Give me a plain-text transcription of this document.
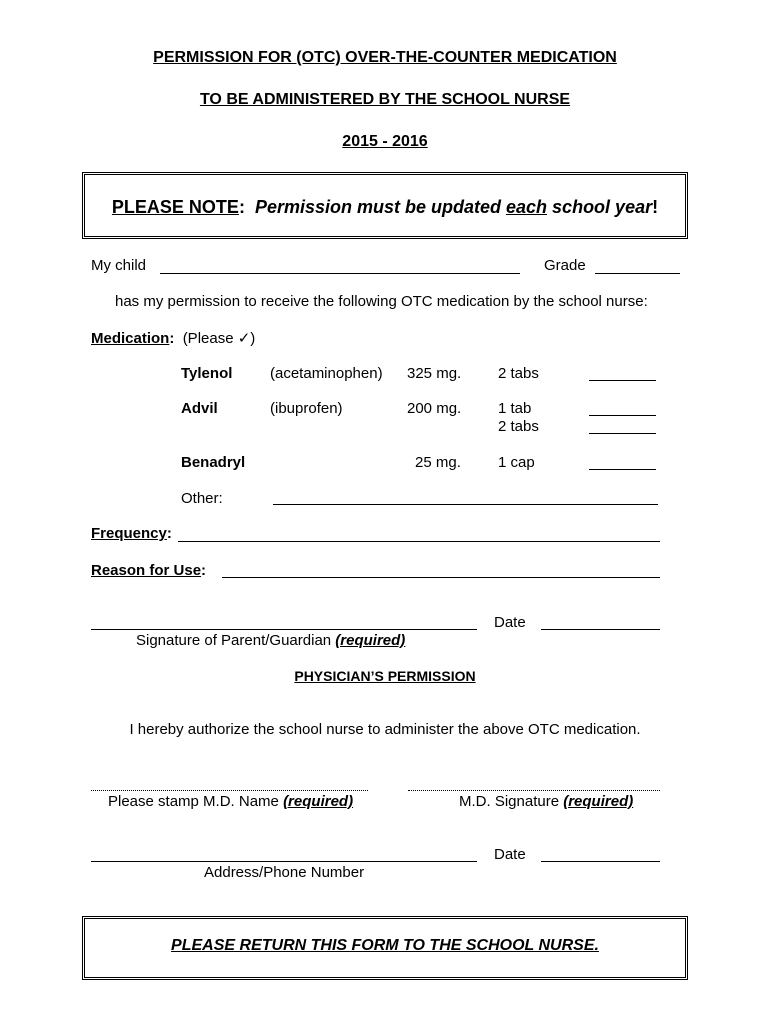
PERMISSION FOR (OTC) OVER-THE-COUNTER MEDICATION
TO BE ADMINISTERED BY THE SCHOOL NURSE
2015 - 2016
PLEASE NOTE: Permission must be updated each school year!
My child	Grade
has my permission to receive the following OTC medication by the school nurse:
Medication: (Please ✓)
Tylenol	(acetaminophen) 325 mg. 2 tabs
Advil	(ibuprofen)	200 mg. 1 tab
2 tabs
Benadryl	25 mg. 1 cap
Other:
Frequency:
Reason for Use:
Date
Signature of Parent/Guardian (required)
PHYSICIAN’S PERMISSION
I hereby authorize the school nurse to administer the above OTC medication.
Please stamp M.D. Name (required)	M.D. Signature (required)
Date
Address/Phone Number
PLEASE RETURN THIS FORM TO THE SCHOOL NURSE.
